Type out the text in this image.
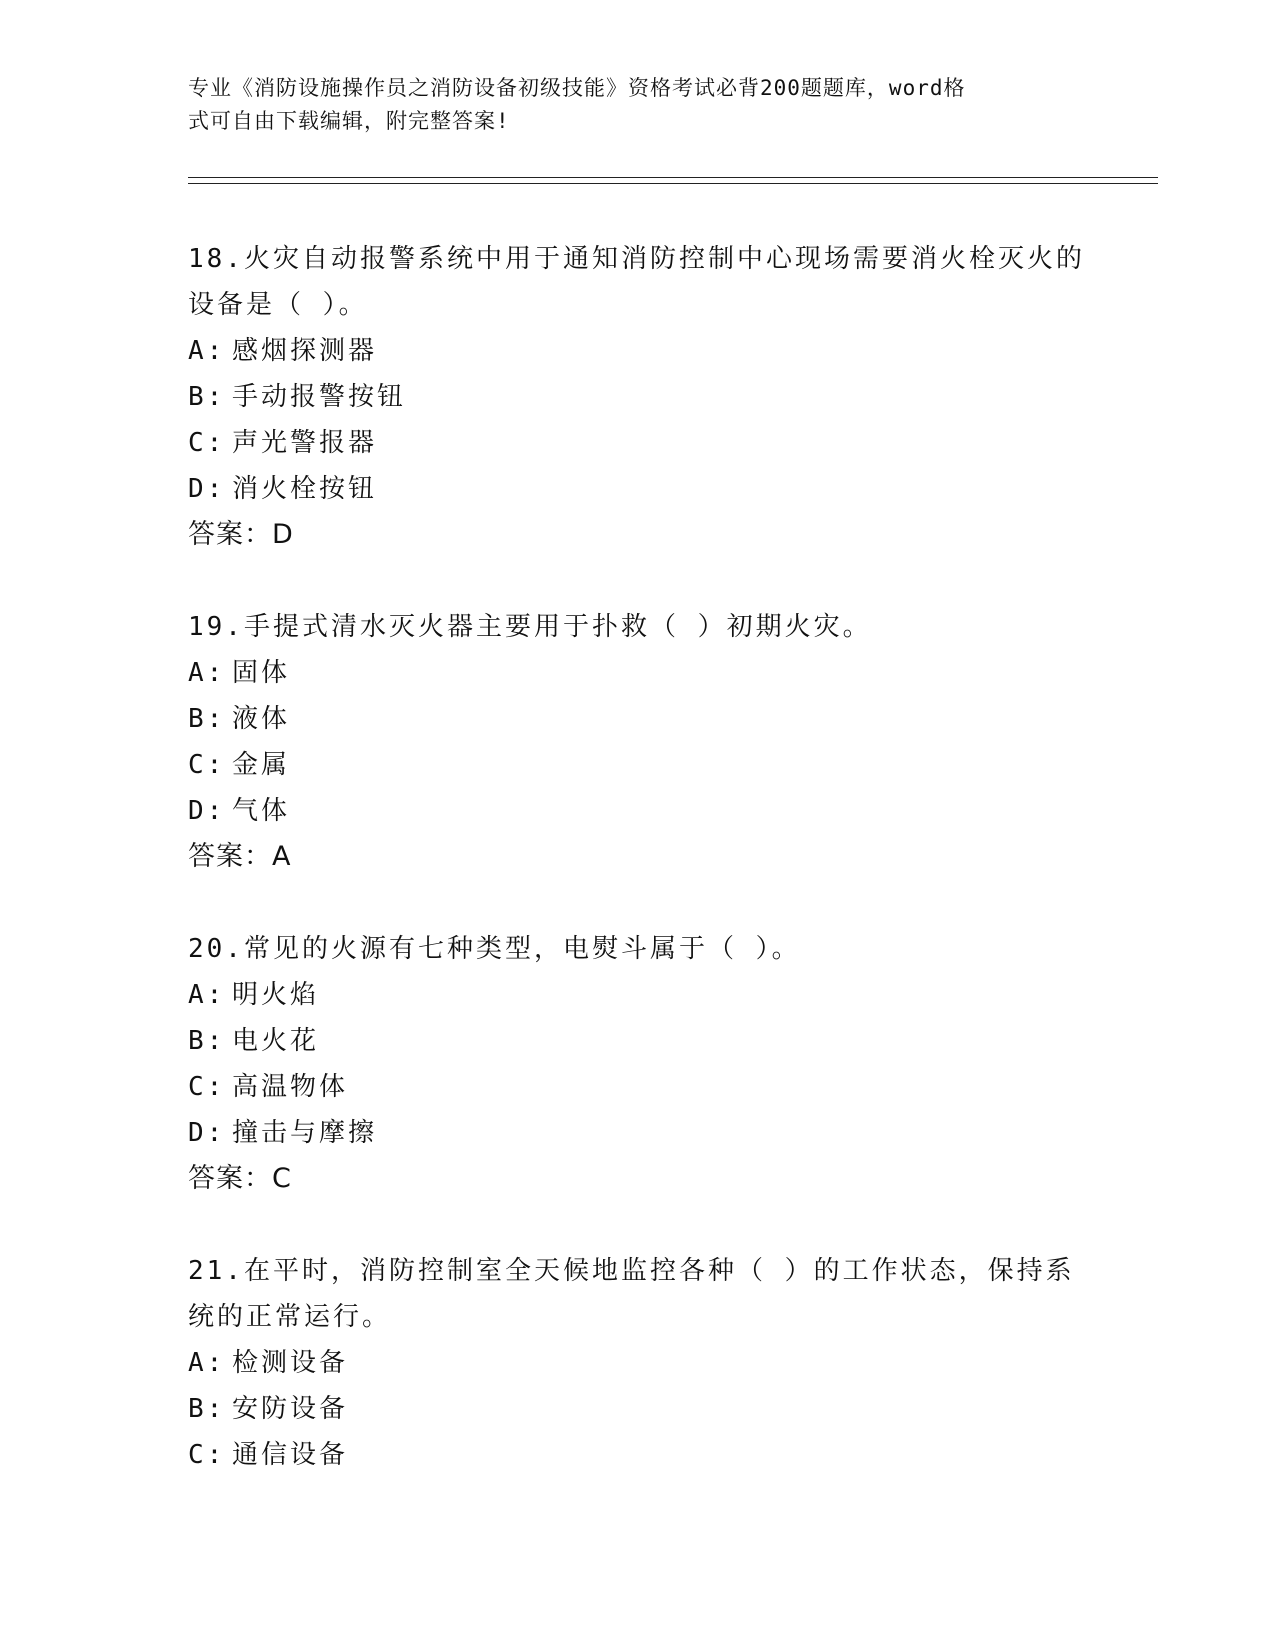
专业《消防设施操作员之消防设备初级技能》资格考试必背200题题库，word格
式可自由下载编辑，附完整答案!
18.火灾自动报警系统中用于通知消防控制中心现场需要消火栓灭火的
设备是（ ）。
A: 感烟探测器
B: 手动报警按钮
C: 声光警报器
D: 消火栓按钮
答案：D
19.手提式清水灭火器主要用于扑救（ ）初期火灾。
A: 固体
B: 液体
C: 金属
D: 气体
答案：A
20.常见的火源有七种类型，电熨斗属于（ ）。
A: 明火焰
B: 电火花
C: 高温物体
D: 撞击与摩擦
答案：C
21.在平时，消防控制室全天候地监控各种（ ）的工作状态，保持系
统的正常运行。
A: 检测设备
B: 安防设备
C: 通信设备
